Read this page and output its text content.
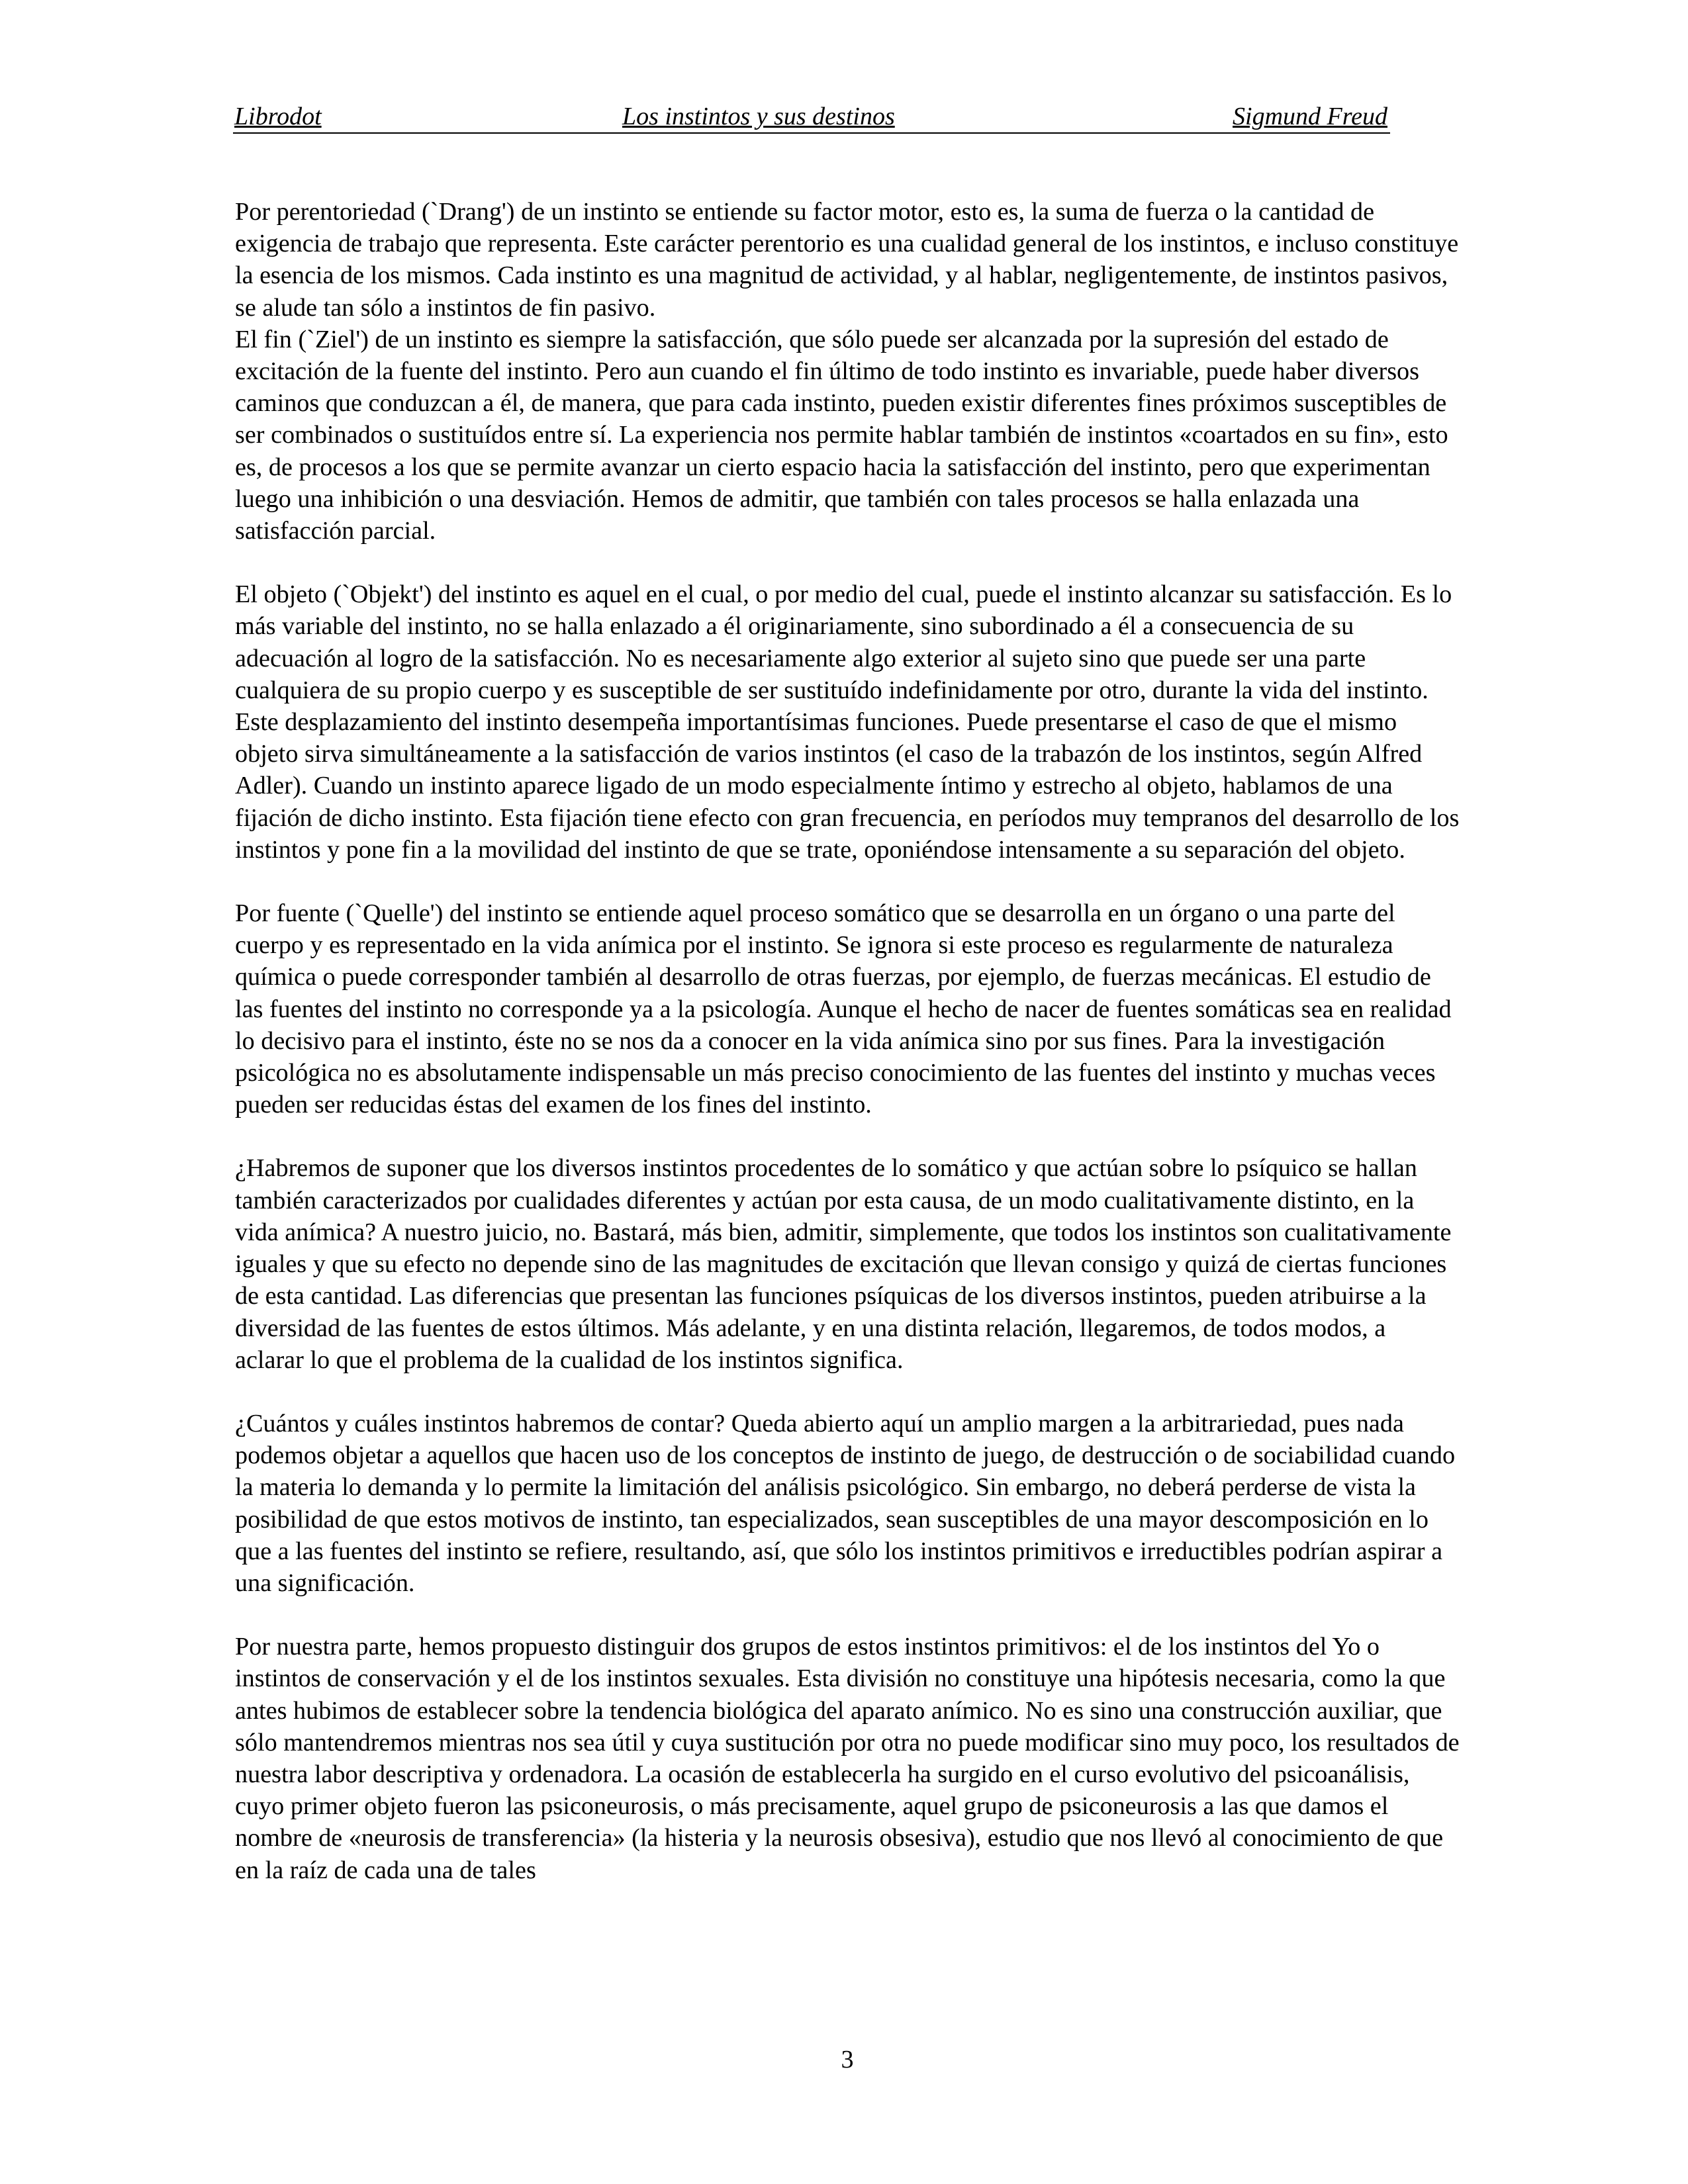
Librodot	Los instintos y sus destinos	Sigmund Freud

Por perentoriedad (`Drang') de un instinto se entiende su factor motor, esto es, la suma de fuerza o la cantidad de exigencia de trabajo que representa. Este carácter perentorio es una cualidad general de los instintos, e incluso constituye la esencia de los mismos. Cada instinto es una magnitud de actividad, y al hablar, negligentemente, de instintos pasivos, se alude tan sólo a instintos de fin pasivo.

El fin (`Ziel') de un instinto es siempre la satisfacción, que sólo puede ser alcanzada por la supresión del estado de excitación de la fuente del instinto. Pero aun cuando el fin último de todo instinto es invariable, puede haber diversos caminos que conduzcan a él, de manera, que para cada instinto, pueden existir diferentes fines próximos susceptibles de ser combinados o sustituídos entre sí. La experiencia nos permite hablar también de instintos «coartados en su fin», esto es, de procesos a los que se permite avanzar un cierto espacio hacia la satisfacción del instinto, pero que experimentan luego una inhibición o una desviación. Hemos de admitir, que también con tales procesos se halla enlazada una satisfacción parcial.

El objeto (`Objekt') del instinto es aquel en el cual, o por medio del cual, puede el instinto alcanzar su satisfacción. Es lo más variable del instinto, no se halla enlazado a él originariamente, sino subordinado a él a consecuencia de su adecuación al logro de la satisfacción. No es necesariamente algo exterior al sujeto sino que puede ser una parte cualquiera de su propio cuerpo y es susceptible de ser sustituído indefinidamente por otro, durante la vida del instinto. Este desplazamiento del instinto desempeña importantísimas funciones. Puede presentarse el caso de que el mismo objeto sirva simultáneamente a la satisfacción de varios instintos (el caso de la trabazón de los instintos, según Alfred Adler). Cuando un instinto aparece ligado de un modo especialmente íntimo y estrecho al objeto, hablamos de una fijación de dicho instinto. Esta fijación tiene efecto con gran frecuencia, en períodos muy tempranos del desarrollo de los instintos y pone fin a la movilidad del instinto de que se trate, oponiéndose intensamente a su separación del objeto.

Por fuente (`Quelle') del instinto se entiende aquel proceso somático que se desarrolla en un órgano o una parte del cuerpo y es representado en la vida anímica por el instinto. Se ignora si este proceso es regularmente de naturaleza química o puede corresponder también al desarrollo de otras fuerzas, por ejemplo, de fuerzas mecánicas. El estudio de las fuentes del instinto no corresponde ya a la psicología. Aunque el hecho de nacer de fuentes somáticas sea en realidad lo decisivo para el instinto, éste no se nos da a conocer en la vida anímica sino por sus fines. Para la investigación psicológica no es absolutamente indispensable un más preciso conocimiento de las fuentes del instinto y muchas veces pueden ser reducidas éstas del examen de los fines del instinto.

¿Habremos de suponer que los diversos instintos procedentes de lo somático y que actúan sobre lo psíquico se hallan también caracterizados por cualidades diferentes y actúan por esta causa, de un modo cualitativamente distinto, en la vida anímica? A nuestro juicio, no. Bastará, más bien, admitir, simplemente, que todos los instintos son cualitativamente iguales y que su efecto no depende sino de las magnitudes de excitación que llevan consigo y quizá de ciertas funciones de esta cantidad. Las diferencias que presentan las funciones psíquicas de los diversos instintos, pueden atribuirse a la diversidad de las fuentes de estos últimos. Más adelante, y en una distinta relación, llegaremos, de todos modos, a aclarar lo que el problema de la cualidad de los instintos significa.

¿Cuántos y cuáles instintos habremos de contar? Queda abierto aquí un amplio margen a la arbitrariedad, pues nada podemos objetar a aquellos que hacen uso de los conceptos de instinto de juego, de destrucción o de sociabilidad cuando la materia lo demanda y lo permite la limitación del análisis psicológico. Sin embargo, no deberá perderse de vista la posibilidad de que estos motivos de instinto, tan especializados, sean susceptibles de una mayor descomposición en lo que a las fuentes del instinto se refiere, resultando, así, que sólo los instintos primitivos e irreductibles podrían aspirar a una significación.

Por nuestra parte, hemos propuesto distinguir dos grupos de estos instintos primitivos: el de los instintos del Yo o instintos de conservación y el de los instintos sexuales. Esta división no constituye una hipótesis necesaria, como la que antes hubimos de establecer sobre la tendencia biológica del aparato anímico. No es sino una construcción auxiliar, que sólo mantendremos mientras nos sea útil y cuya sustitución por otra no puede modificar sino muy poco, los resultados de nuestra labor descriptiva y ordenadora. La ocasión de establecerla ha surgido en el curso evolutivo del psicoanálisis, cuyo primer objeto fueron las psiconeurosis, o más precisamente, aquel grupo de psiconeurosis a las que damos el nombre de «neurosis de transferencia» (la histeria y la neurosis obsesiva), estudio que nos llevó al conocimiento de que en la raíz de cada una de tales

3
